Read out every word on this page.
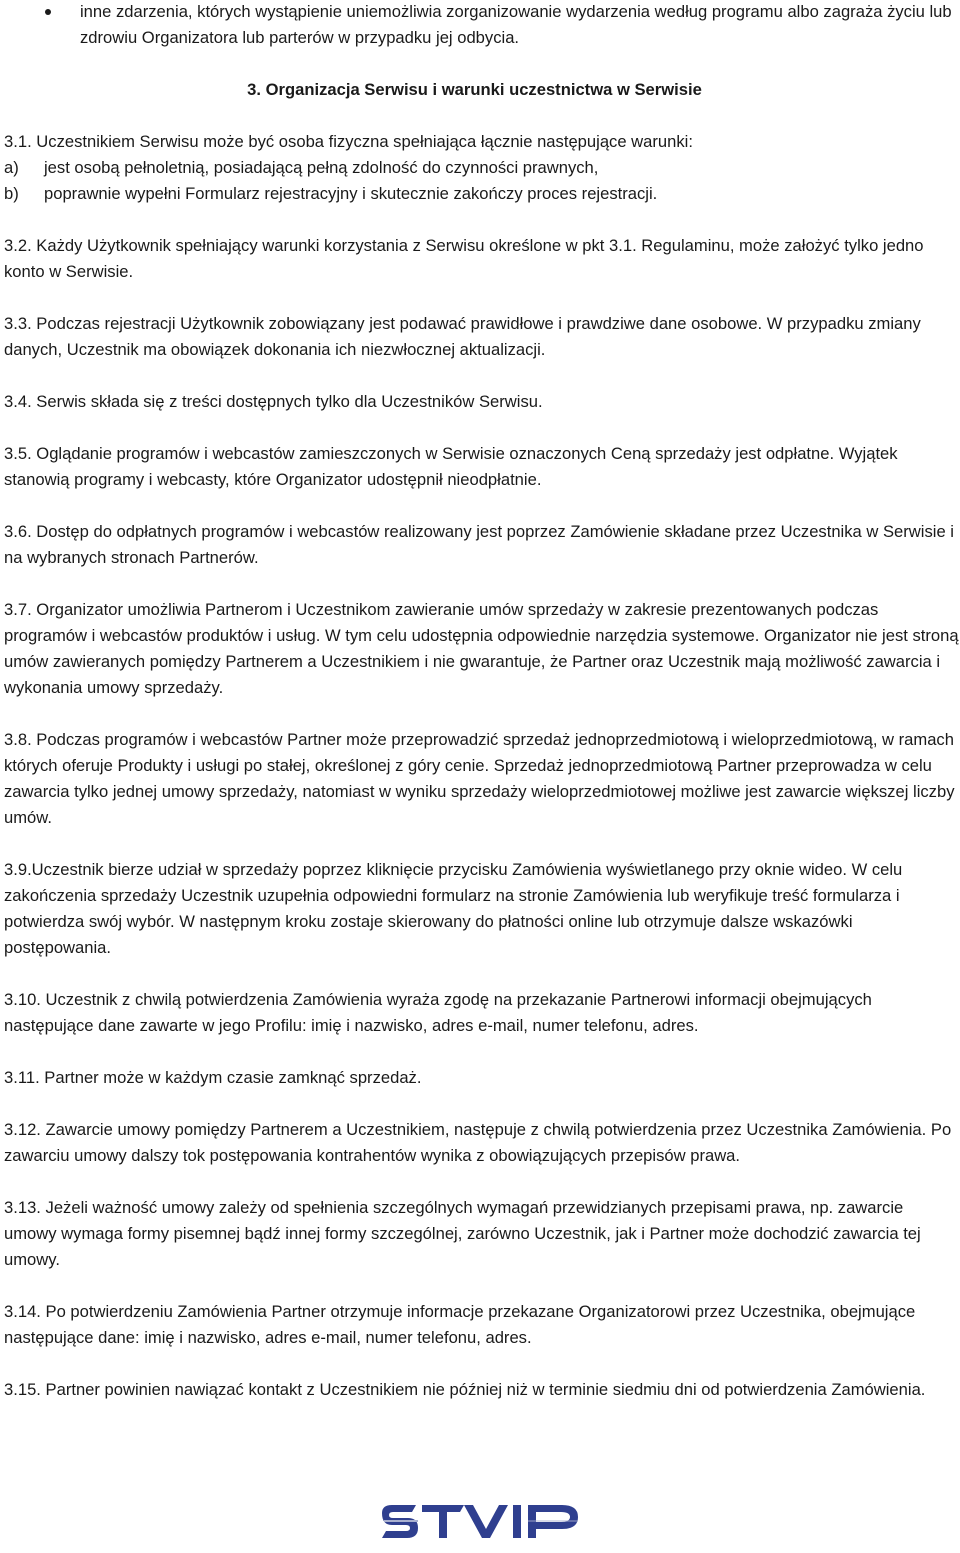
inne zdarzenia, których wystąpienie uniemożliwia zorganizowanie wydarzenia według programu albo zagraża życiu lub zdrowiu Organizatora lub parterów w przypadku jej odbycia.
3. Organizacja Serwisu i warunki uczestnictwa w Serwisie
3.1. Uczestnikiem Serwisu może być osoba fizyczna spełniająca łącznie następujące warunki:
a) jest osobą pełnoletnią, posiadającą pełną zdolność do czynności prawnych,
b) poprawnie wypełni Formularz rejestracyjny i skutecznie zakończy proces rejestracji.
3.2. Każdy Użytkownik spełniający warunki korzystania z Serwisu określone w pkt 3.1. Regulaminu, może założyć tylko jedno konto w Serwisie.
3.3. Podczas rejestracji Użytkownik zobowiązany jest podawać prawidłowe i prawdziwe dane osobowe. W przypadku zmiany danych, Uczestnik ma obowiązek dokonania ich niezwłocznej aktualizacji.
3.4. Serwis składa się z treści dostępnych tylko dla Uczestników Serwisu.
3.5. Oglądanie programów i webcastów zamieszczonych w Serwisie oznaczonych Ceną sprzedaży jest odpłatne. Wyjątek stanowią programy i webcasty, które Organizator udostępnił nieodpłatnie.
3.6. Dostęp do odpłatnych programów i webcastów realizowany jest poprzez Zamówienie składane przez Uczestnika w Serwisie i na wybranych stronach Partnerów.
3.7. Organizator umożliwia Partnerom i Uczestnikom zawieranie umów sprzedaży w zakresie prezentowanych podczas programów i webcastów produktów i usług. W tym celu udostępnia odpowiednie narzędzia systemowe. Organizator nie jest stroną umów zawieranych pomiędzy Partnerem a Uczestnikiem i nie gwarantuje, że Partner oraz Uczestnik mają możliwość zawarcia i wykonania umowy sprzedaży.
3.8. Podczas programów i webcastów Partner może przeprowadzić sprzedaż jednoprzedmiotową i wieloprzedmiotową, w ramach których oferuje Produkty i usługi po stałej, określonej z góry cenie. Sprzedaż jednoprzedmiotową Partner przeprowadza w celu zawarcia tylko jednej umowy sprzedaży, natomiast w wyniku sprzedaży wieloprzedmiotowej możliwe jest zawarcie większej liczby umów.
3.9.Uczestnik bierze udział w sprzedaży poprzez kliknięcie przycisku Zamówienia wyświetlanego przy oknie wideo. W celu zakończenia sprzedaży Uczestnik uzupełnia odpowiedni formularz na stronie Zamówienia lub weryfikuje treść formularza i potwierdza swój wybór. W następnym kroku zostaje skierowany do płatności online lub otrzymuje dalsze wskazówki postępowania.
3.10. Uczestnik z chwilą potwierdzenia Zamówienia wyraża zgodę na przekazanie Partnerowi informacji obejmujących następujące dane zawarte w jego Profilu: imię i nazwisko, adres e-mail, numer telefonu, adres.
3.11. Partner może w każdym czasie zamknąć sprzedaż.
3.12. Zawarcie umowy pomiędzy Partnerem a Uczestnikiem, następuje z chwilą potwierdzenia przez Uczestnika Zamówienia. Po zawarciu umowy dalszy tok postępowania kontrahentów wynika z obowiązujących przepisów prawa.
3.13. Jeżeli ważność umowy zależy od spełnienia szczególnych wymagań przewidzianych przepisami prawa, np. zawarcie umowy wymaga formy pisemnej bądź innej formy szczególnej, zarówno Uczestnik, jak i Partner może dochodzić zawarcia tej umowy.
3.14. Po potwierdzeniu Zamówienia Partner otrzymuje informacje przekazane Organizatorowi przez Uczestnika, obejmujące następujące dane: imię i nazwisko, adres e-mail, numer telefonu, adres.
3.15. Partner powinien nawiązać kontakt z Uczestnikiem nie później niż w terminie siedmiu dni od potwierdzenia Zamówienia.
